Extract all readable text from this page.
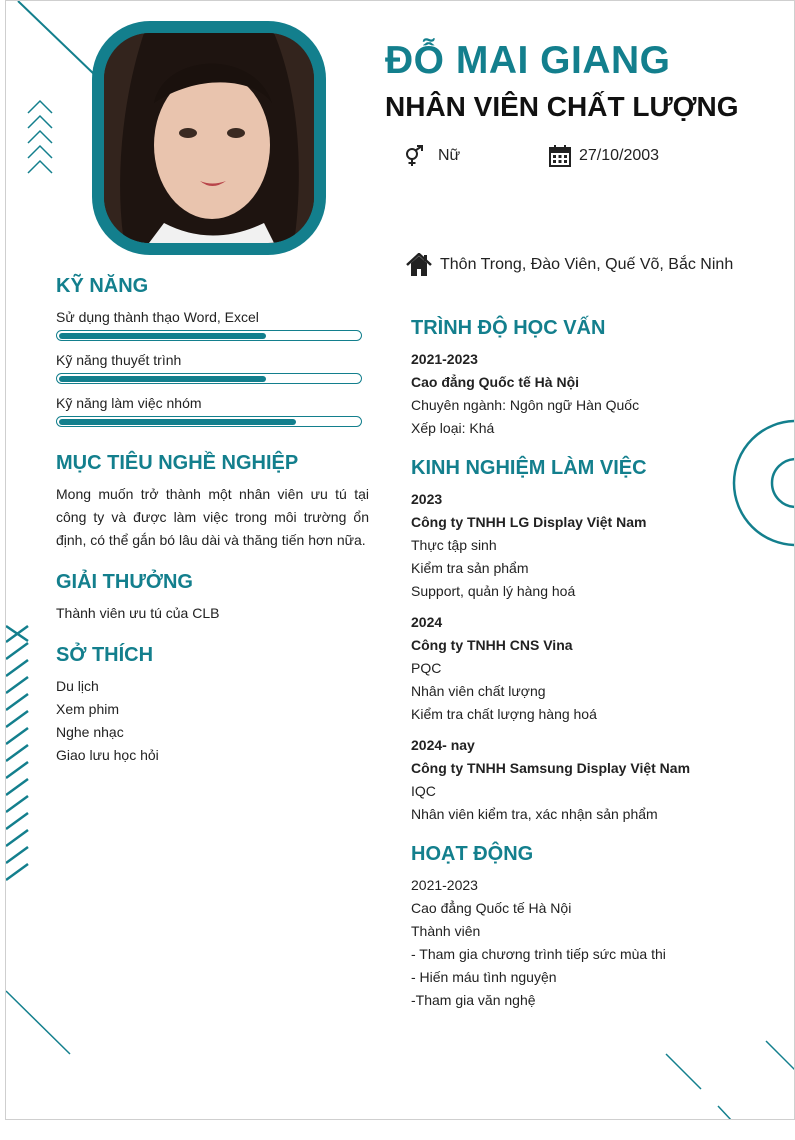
ĐỖ MAI GIANG
NHÂN VIÊN CHẤT LƯỢNG
Nữ	27/10/2003
Thôn Trong, Đào Viên, Quế Võ, Bắc Ninh
KỸ NĂNG
Sử dụng thành thạo Word, Excel
Kỹ năng thuyết trình
Kỹ năng làm việc nhóm
MỤC TIÊU NGHỀ NGHIỆP
Mong muốn trở thành một nhân viên ưu tú tại công ty và được làm việc trong môi trường ổn định, có thể gắn bó lâu dài và thăng tiến hơn nữa.
GIẢI THƯỞNG
Thành viên ưu tú của CLB
SỞ THÍCH
Du lịch
Xem phim
Nghe nhạc
Giao lưu học hỏi
TRÌNH ĐỘ HỌC VẤN
2021-2023
Cao đẳng Quốc tế Hà Nội
Chuyên ngành: Ngôn ngữ Hàn Quốc
Xếp loại: Khá
KINH NGHIỆM LÀM VIỆC
2023
Công ty TNHH LG Display Việt Nam
Thực tập sinh
Kiểm tra sản phẩm
Support, quản lý hàng hoá
2024
Công ty TNHH CNS Vina
PQC
Nhân viên chất lượng
Kiểm tra chất lượng hàng hoá
2024- nay
Công ty TNHH Samsung Display Việt Nam
IQC
Nhân viên kiểm tra, xác nhận sản phẩm
HOẠT ĐỘNG
2021-2023
Cao đẳng Quốc tế Hà Nội
Thành viên
- Tham gia chương trình tiếp sức mùa thi
- Hiến máu tình nguyện
-Tham gia văn nghệ
